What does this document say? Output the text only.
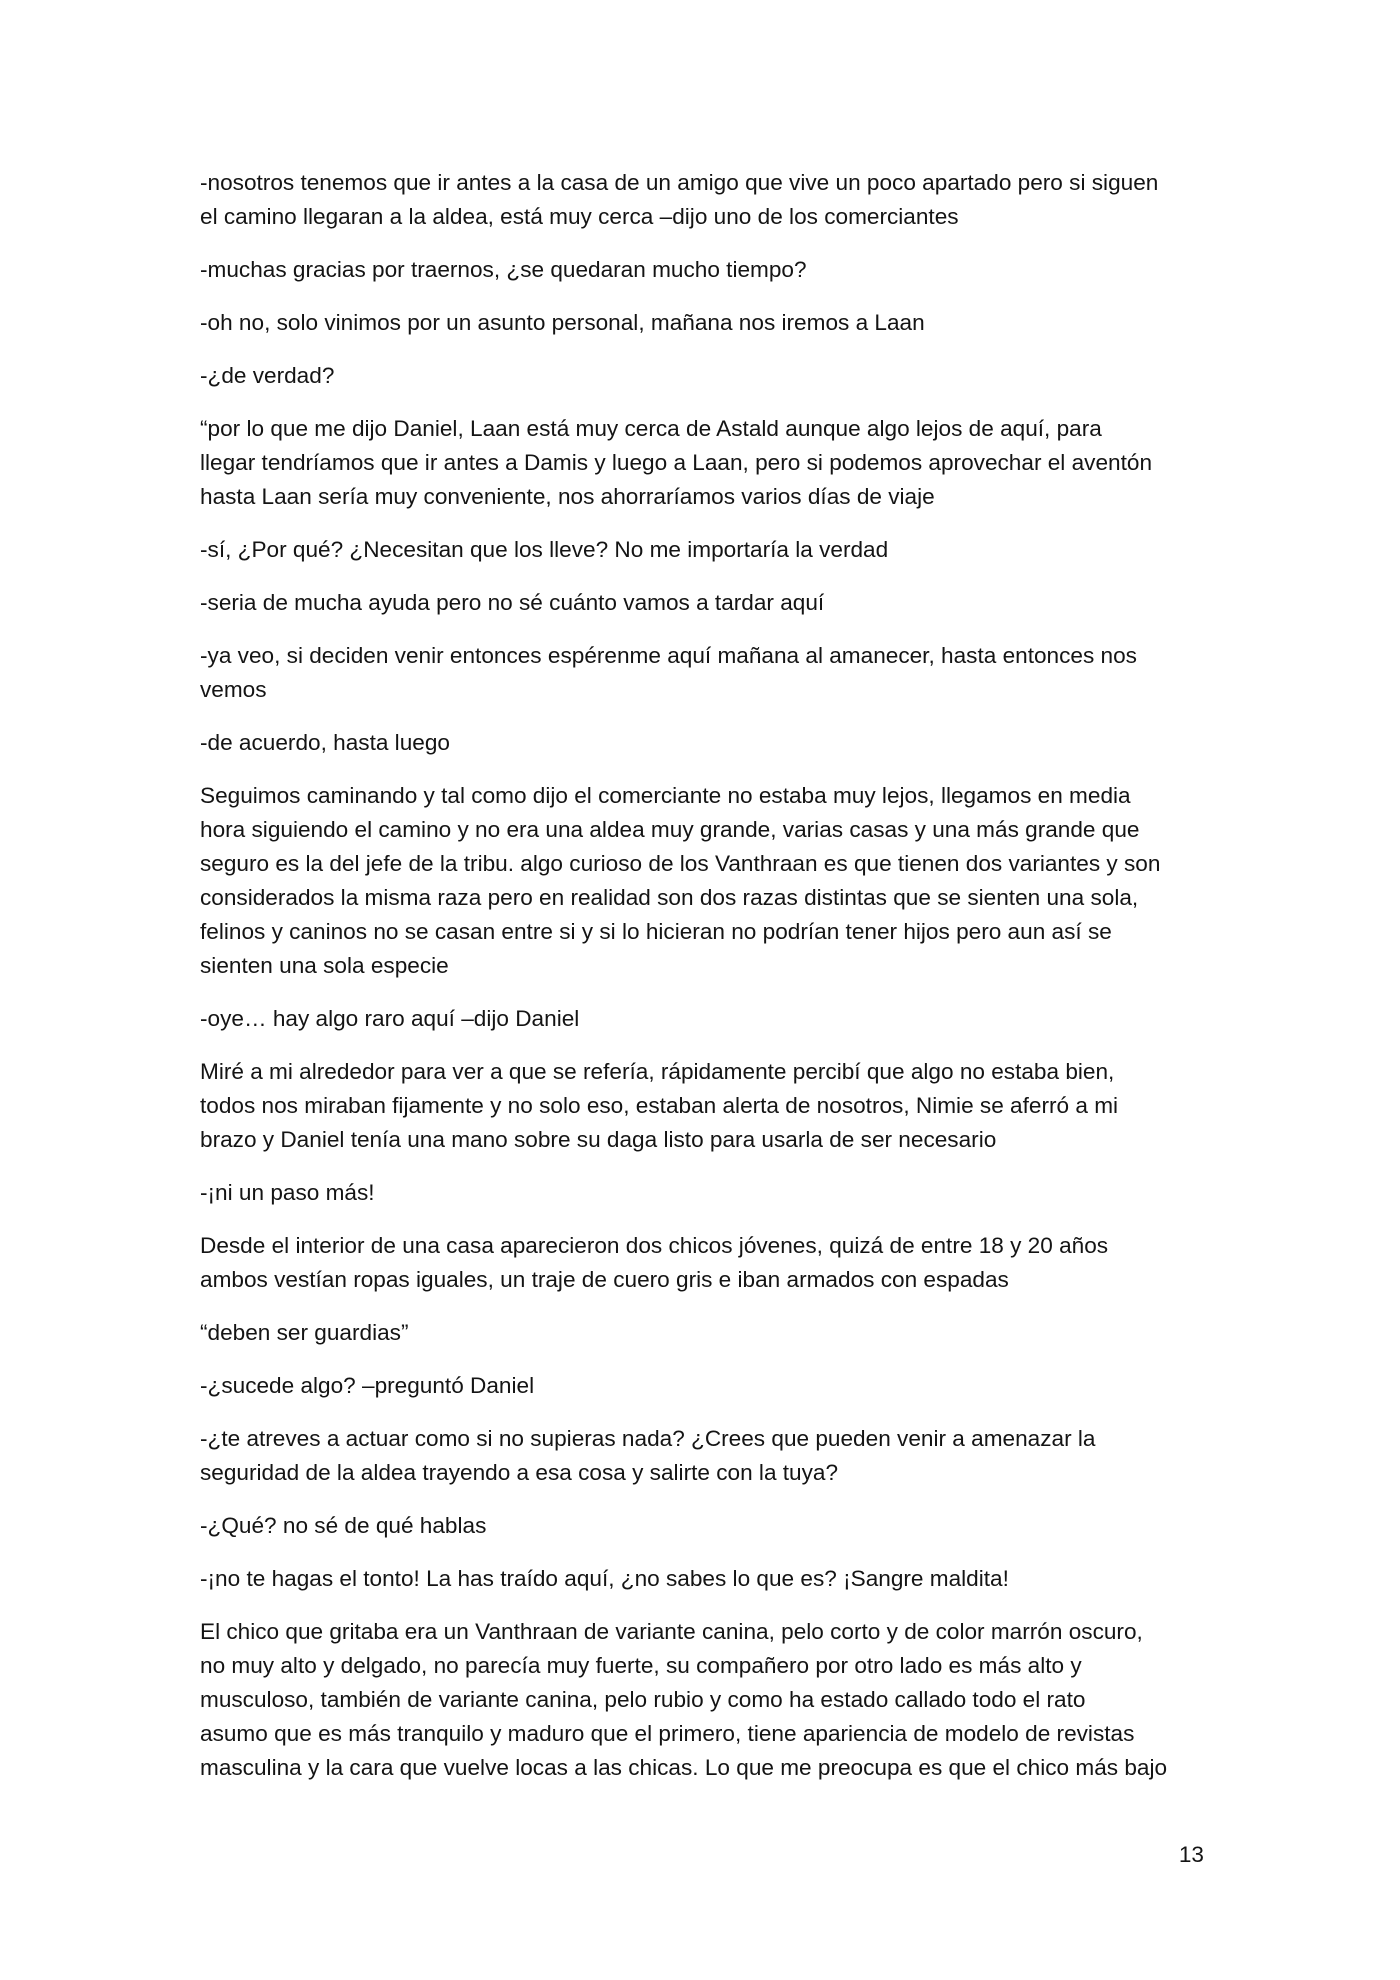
-nosotros tenemos que ir antes a la casa de un amigo que vive un poco apartado pero si siguen
el camino llegaran a la aldea, está muy cerca –dijo uno de los comerciantes

-muchas gracias por traernos, ¿se quedaran mucho tiempo?

-oh no, solo vinimos por un asunto personal, mañana nos iremos a Laan

-¿de verdad?

“por lo que me dijo Daniel, Laan está muy cerca de Astald aunque algo lejos de aquí, para
llegar tendríamos que ir antes a Damis y luego a Laan, pero si podemos aprovechar el aventón
hasta Laan sería muy conveniente, nos ahorraríamos varios días de viaje

-sí, ¿Por qué? ¿Necesitan que los lleve? No me importaría la verdad

-seria de mucha ayuda pero no sé cuánto vamos a tardar aquí

-ya veo, si deciden venir entonces espérenme aquí mañana al amanecer, hasta entonces nos
vemos

-de acuerdo, hasta luego

Seguimos caminando y tal como dijo el comerciante no estaba muy lejos, llegamos en media
hora siguiendo el camino y no era una aldea muy grande, varias casas y una más grande que
seguro es la del jefe de la tribu. algo curioso de los Vanthraan es que tienen dos variantes y son
considerados la misma raza pero en realidad son dos razas distintas que se sienten una sola,
felinos y caninos no se casan entre si y si lo hicieran no podrían tener hijos pero aun así se
sienten una sola especie

-oye… hay algo raro aquí –dijo Daniel

Miré a mi alrededor para ver a que se refería, rápidamente percibí que algo no estaba bien,
todos nos miraban fijamente y no solo eso, estaban alerta de nosotros, Nimie se aferró a mi
brazo y Daniel tenía una mano sobre su daga listo para usarla de ser necesario

-¡ni un paso más!

Desde el interior de una casa aparecieron dos chicos jóvenes, quizá de entre 18 y 20 años
ambos vestían ropas iguales, un traje de cuero gris e iban armados con espadas

“deben ser guardias”

-¿sucede algo? –preguntó Daniel

-¿te atreves a actuar como si no supieras nada? ¿Crees que pueden venir a amenazar la
seguridad de la aldea trayendo a esa cosa y salirte con la tuya?

-¿Qué? no sé de qué hablas

-¡no te hagas el tonto! La has traído aquí, ¿no sabes lo que es? ¡Sangre maldita!

El chico que gritaba era un Vanthraan de variante canina, pelo corto y de color marrón oscuro,
no muy alto y delgado, no parecía muy fuerte, su compañero por otro lado es más alto y
musculoso, también de variante canina, pelo rubio y como ha estado callado todo el rato
asumo que es más tranquilo y maduro que el primero, tiene apariencia de modelo de revistas
masculina y la cara que vuelve locas a las chicas. Lo que me preocupa es que el chico más bajo

13
